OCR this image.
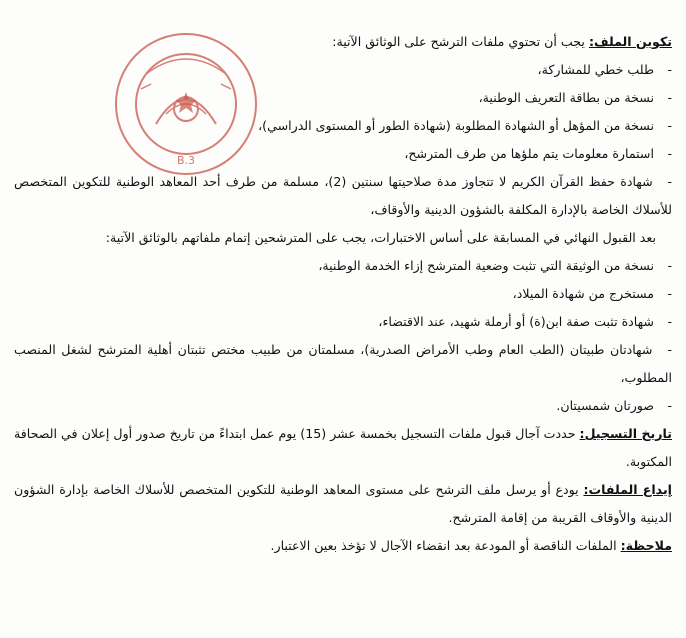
B.3
تكوين الملف: يجب أن تحتوي ملفات الترشح على الوثائق الآتية:
- طلب خطي للمشاركة،
- نسخة من بطاقة التعريف الوطنية،
- نسخة من المؤهل أو الشهادة المطلوبة (شهادة الطور أو المستوى الدراسي)،
- استمارة معلومات يتم ملؤها من طرف المترشح،
- شهادة حفظ القرآن الكريم لا تتجاوز مدة صلاحيتها سنتين (2)، مسلمة من طرف أحد المعاهد الوطنية للتكوين المتخصص للأسلاك الخاصة بالإدارة المكلفة بالشؤون الدينية والأوقاف،
بعد القبول النهائي في المسابقة على أساس الاختبارات، يجب على المترشحين إتمام ملفاتهم بالوثائق الآتية:
- نسخة من الوثيقة التي تثبت وضعية المترشح إزاء الخدمة الوطنية،
- مستخرج من شهادة الميلاد،
- شهادة تثبت صفة ابن(ة) أو أرملة شهيد، عند الاقتضاء،
- شهادتان طبيتان (الطب العام وطب الأمراض الصدرية)، مسلمتان من طبيب مختص تثبتان أهلية المترشح لشغل المنصب المطلوب،
- صورتان شمسيتان.
تاريخ التسجيل: حددت آجال قبول ملفات التسجيل بخمسة عشر (15) يوم عمل ابتداءً من تاريخ صدور أول إعلان في الصحافة المكتوبة.
إيداع الملفات: يودع أو يرسل ملف الترشح على مستوى المعاهد الوطنية للتكوين المتخصص للأسلاك الخاصة بإدارة الشؤون الدينية والأوقاف القريبة من إقامة المترشح.
ملاحظة: الملفات الناقصة أو المودعة بعد انقضاء الآجال لا تؤخذ بعين الاعتبار.
